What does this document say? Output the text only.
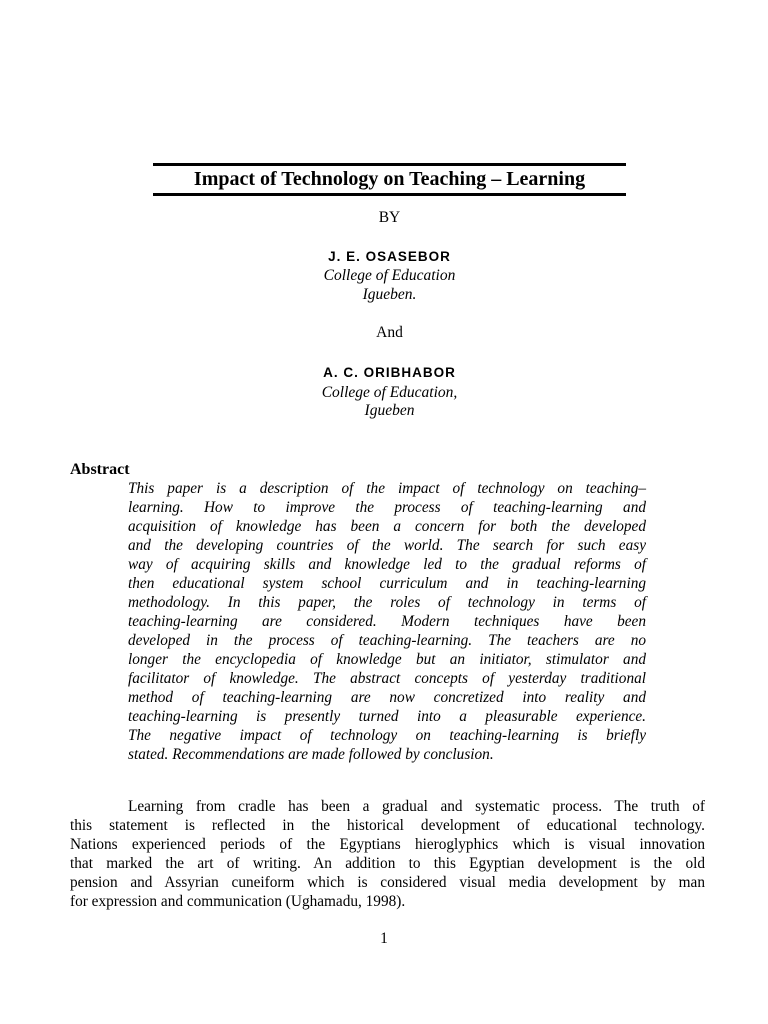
Impact of Technology on Teaching – Learning
BY
J. E. OSASEBOR
College of Education
Igueben.
And
A. C. ORIBHABOR
College of Education,
Igueben
Abstract
This paper is a description of the impact of technology on teaching–
learning. How to improve the process of teaching-learning and
acquisition of knowledge has been a concern for both the developed
and the developing countries of the world. The search for such easy
way of acquiring skills and knowledge led to the gradual reforms of
then educational system school curriculum and in teaching-learning
methodology. In this paper, the roles of technology in terms of
teaching-learning are considered. Modern techniques have been
developed in the process of teaching-learning. The teachers are no
longer the encyclopedia of knowledge but an initiator, stimulator and
facilitator of knowledge. The abstract concepts of yesterday traditional
method of teaching-learning are now concretized into reality and
teaching-learning is presently turned into a pleasurable experience.
The negative impact of technology on teaching-learning is briefly
stated. Recommendations are made followed by conclusion.
Learning from cradle has been a gradual and systematic process. The truth of
this statement is reflected in the historical development of educational technology.
Nations experienced periods of the Egyptians hieroglyphics which is visual innovation
that marked the art of writing. An addition to this Egyptian development is the old
pension and Assyrian cuneiform which is considered visual media development by man
for expression and communication (Ughamadu, 1998).
1
